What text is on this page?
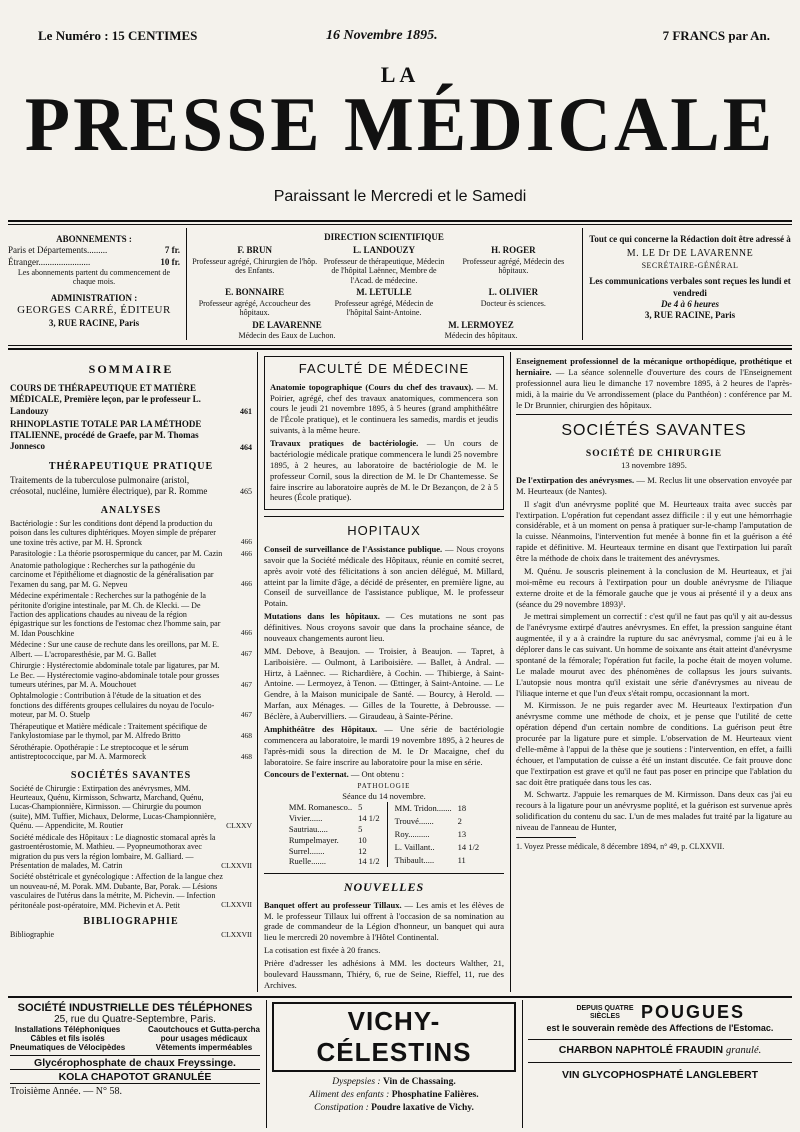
Le Numéro : 15 CENTIMES	16 Novembre 1895.	7 FRANCS par An.
LA
PRESSE MÉDICALE
Paraissant le Mercredi et le Samedi
ABONNEMENTS :
Paris et Départements.........	7 fr.
Étranger.......................	10 fr.
Les abonnements partent du commencement de chaque mois.
ADMINISTRATION :
GEORGES CARRÉ, ÉDITEUR
3, RUE RACINE, Paris
DIRECTION SCIENTIFIQUE
F. BRUN
Professeur agrégé, Chirurgien de l'hôp. des Enfants.
L. LANDOUZY
Professeur de thérapeutique, Médecin de l'hôpital Laënnec, Membre de l'Acad. de médecine.
H. ROGER
Professeur agrégé, Médecin des hôpitaux.
E. BONNAIRE
Professeur agrégé, Accoucheur des hôpitaux.
M. LETULLE
Professeur agrégé, Médecin de l'hôpital Saint-Antoine.
L. OLIVIER
Docteur ès sciences.
DE LAVARENNE
Médecin des Eaux de Luchon.
M. LERMOYEZ
Médecin des hôpitaux.
Tout ce qui concerne la Rédaction doit être adressé à
M. LE Dr DE LAVARENNE
SECRÉTAIRE-GÉNÉRAL
Les communications verbales sont reçues les lundi et vendredi
De 4 à 6 heures
3, RUE RACINE, Paris
SOMMAIRE
COURS DE THÉRAPEUTIQUE ET MATIÈRE MÉDICALE, Première leçon, par le professeur L. Landouzy	461
RHINOPLASTIE TOTALE PAR LA MÉTHODE ITALIENNE, procédé de Graefe, par M. Thomas Jonnesco	464
THÉRAPEUTIQUE PRATIQUE
Traitements de la tuberculose pulmonaire (aristol, créosotal, nucléine, lumière électrique), par R. Romme	465
ANALYSES
Bactériologie : Sur les conditions dont dépend la production du poison dans les cultures diphtériques. Moyen simple de préparer une toxine très active, par M. H. Spronck	466
Parasitologie : La théorie psorospermique du cancer, par M. Cazin 466
Anatomie pathologique : Recherches sur la pathogénie du carcinome et l'épithéliome et diagnostic de la généralisation par l'examen du sang, par M. G. Nepveu	466
Médecine expérimentale : Recherches sur la pathogénie de la péritonite d'origine intestinale, par M. Ch. de Klecki. — De l'action des applications chaudes au niveau de la région épigastrique sur les fonctions de l'estomac chez l'homme sain, par M. Idan Pouschkine	466
Médecine : Sur une cause de rechute dans les oreillons, par M. E. Albert. — L'acroparesthésie, par M. G. Ballet	467
Chirurgie : Hystérectomie abdominale totale par ligatures, par M. Le Bec. — Hystérectomie vagino-abdominale totale pour grosses tumeurs utérines, par M. A. Mouchouet	467
Ophtalmologie : Contribution à l'étude de la situation et des fonctions des différents groupes cellulaires du noyau de l'oculo-moteur, par M. O. Stuelp	467
Thérapeutique et Matière médicale : Traitement spécifique de l'ankylostomiase par le thymol, par M. Alfredo Britto	468
Sérothérapie. Opothérapie : Le streptocoque et le sérum antistreptococcique, par M. A. Marmoreck	468
SOCIÉTÉS SAVANTES
Société de Chirurgie : Extirpation des anévrysmes, MM. Heurteaux, Quénu, Kirmisson, Schwartz, Marchand, Quénu, Lucas-Championnière, Kirmisson. — Chirurgie du poumon (suite), MM. Tuffier, Michaux, Delorme, Lucas-Championnière, Quénu. — Appendicite, M. Routier	CLXXV
Société médicale des Hôpitaux : Le diagnostic stomacal après la gastroentérostomie, M. Mathieu. — Pyopneumothorax avec migration du pus vers la région lombaire, M. Galliard. — Présentation de malades, M. Catrin	CLXXVII
Société obstétricale et gynécologique : Affection de la langue chez un nouveau-né, M. Porak. MM. Dubante, Bar, Porak. — Lésions vasculaires de l'utérus dans la métrite, M. Pichevin. — Infection péritonéale post-opératoire, MM. Pichevin et A. Petit	CLXXVII
BIBLIOGRAPHIE
Bibliographie	CLXXVII
FACULTÉ DE MÉDECINE

Anatomie topographique (Cours du chef des travaux). — M. Poirier, agrégé, chef des travaux anatomiques, commencera son cours le jeudi 21 novembre 1895, à 5 heures (grand amphithéâtre de l'École pratique), et le continuera les samedis, mardis et jeudis suivants, à la même heure.

Travaux pratiques de bactériologie. — Un cours de bactériologie médicale pratique commencera le lundi 25 novembre 1895, à 2 heures, au laboratoire de bactériologie de M. le professeur Cornil, sous la direction de M. le Dr Chantemesse. Se faire inscrire au laboratoire auprès de M. le Dr Bezançon, de 2 à 5 heures (École pratique).

HOPITAUX

Conseil de surveillance de l'Assistance publique. — Nous croyons savoir que la Société médicale des Hôpitaux, réunie en comité secret, après avoir voté des félicitations à son ancien délégué, M. Millard, atteint par la limite d'âge, a décidé de présenter, en première ligne, au Conseil de surveillance de l'assistance publique, M. le professeur Potain.

Mutations dans les hôpitaux. — Ces mutations ne sont pas définitives. Nous croyons savoir que dans la prochaine séance, de nouveaux changements auront lieu.

MM. Debove, à Beaujon. — Troisier, à Beaujon. — Tapret, à Lariboisière. — Oulmont, à Lariboisière. — Ballet, à Andral. — Hirtz, à Laënnec. — Richardière, à Cochin. — Thibierge, à Saint-Antoine. — Lermoyez, à Tenon. — Œttinger, à Saint-Antoine. — Le Gendre, à la Maison municipale de Santé. — Bourcy, à Herold. — Marfan, aux Ménages. — Gilles de la Tourette, à Debrousse. — Béclère, à Aubervilliers. — Giraudeau, à Sainte-Périne.

Amphithéâtre des Hôpitaux. — Une série de bactériologie commencera au laboratoire, le mardi 19 novembre 1895, à 2 heures de l'après-midi sous la direction de M. le Dr Macaigne, chef du laboratoire. Se faire inscrire au laboratoire pour la mise en série.

Concours de l'externat. — Ont obtenu :

PATHOLOGIE
Séance du 14 novembre.
MM. Romanesco..	5
Vivier......	14 1/2
Sautriau.....	5
Rumpelmayer.	10
Surrel.......	12
Ruelle.......	14 1/2
MM. Tridon.......	18
Trouvé.......	2
Roy..........	13
L. Vaillant..	14 1/2
Thibault.....	11
NOUVELLES

Banquet offert au professeur Tillaux. — Les amis et les élèves de M. le professeur Tillaux lui offrent à l'occasion de sa nomination au grade de commandeur de la Légion d'honneur, un banquet qui aura lieu le mercredi 20 novembre à l'Hôtel Continental.

La cotisation est fixée à 20 francs.

Prière d'adresser les adhésions à MM. les docteurs Walther, 21, boulevard Haussmann, Thiéry, 6, rue de Seine, Rieffel, 11, rue des Archives.

Enseignement professionnel de la mécanique orthopédique, prothétique et herniaire. — La séance solennelle d'ouverture des cours de l'Enseignement professionnel aura lieu le dimanche 17 novembre 1895, à 2 heures de l'après-midi, à la mairie du Ve arrondissement (place du Panthéon) : conférence par M. le Dr Brunnier, chirurgien des hôpitaux.

SOCIÉTÉS SAVANTES
SOCIÉTÉ DE CHIRURGIE
13 novembre 1895.

De l'extirpation des anévrysmes. — M. Reclus lit une observation envoyée par M. Heurteaux (de Nantes).

Il s'agit d'un anévrysme poplité que M. Heurteaux traita avec succès par l'extirpation. L'opération fut cependant assez difficile : il y eut une hémorrhagie considérable, et à un moment on pensa à pratiquer sur-le-champ l'amputation de la cuisse. Néanmoins, l'intervention fut menée à bonne fin et la guérison a été rapide et définitive. M. Heurteaux termine en disant que l'extirpation lui paraît être la méthode de choix dans le traitement des anévrysmes.

M. Quénu. Je souscris pleinement à la conclusion de M. Heurteaux, et j'ai moi-même eu recours à l'extirpation pour un double anévrysme de l'iliaque externe droite et de la fémorale gauche que je vous ai présenté il y a deux ans (séance du 29 novembre 1893)¹.

Je mettrai simplement un correctif : c'est qu'il ne faut pas qu'il y ait au-dessus de l'anévrysme extirpé d'autres anévrysmes. En effet, la pression sanguine étant augmentée, il y a à craindre la rupture du sac anévrysmal, comme j'ai eu à le déplorer dans le cas suivant. Un homme de soixante ans était atteint d'anévrysme spontané de la fémorale; l'opération fut facile, la poche était de moyen volume. Le malade mourut avec des phénomènes de collapsus les jours suivants. L'autopsie nous montra qu'il existait une série d'anévrysmes au niveau de l'iliaque interne et que l'un d'eux s'était rompu, occasionnant la mort.

M. Kirmisson. Je ne puis regarder avec M. Heurteaux l'extirpation d'un anévrysme comme une méthode de choix, et je pense que l'utilité de cette opération dépend d'un certain nombre de conditions. La guérison peut être procurée par la ligature pure et simple. L'observation de M. Heurteaux vient d'elle-même à l'appui de la thèse que je soutiens : l'intervention, en effet, a failli échouer, et l'amputation de cuisse a été un instant discutée. Ce fait prouve donc que l'extirpation est grave et qu'il ne faut pas poser en principe que l'ablation du sac doit être pratiquée dans tous les cas.

M. Schwartz. J'appuie les remarques de M. Kirmisson. Dans deux cas j'ai eu recours à la ligature pour un anévrysme poplité, et la guérison est survenue après solidification du contenu du sac. L'un de mes malades fut traité par la ligature au niveau de l'anneau de Hunter,

1. Voyez Presse médicale, 8 décembre 1894, n° 49, p. CLXXVII.

SOCIÉTÉ INDUSTRIELLE DES TÉLÉPHONES
25, rue du Quatre-Septembre, Paris.
Installations Téléphoniques
Câbles et fils isolés
Pneumatiques de Vélocipèdes
Caoutchoucs et Gutta-percha
pour usages médicaux
Vêtements imperméables
Glycérophosphate de chaux Freyssinge.
KOLA CHAPOTOT GRANULÉE
Troisième Année. — N° 58.
VICHY-CÉLESTINS
Dyspepsies : Vin de Chassaing.
Aliment des enfants : Phosphatine Falières.
Constipation : Poudre laxative de Vichy.
DEPUIS QUATRE SIÈCLES	POUGUES
est le souverain remède des Affections de l'Estomac.
CHARBON NAPHTOLÉ FRAUDIN granulé.
VIN GLYCOPHOSPHATÉ LANGLEBERT
